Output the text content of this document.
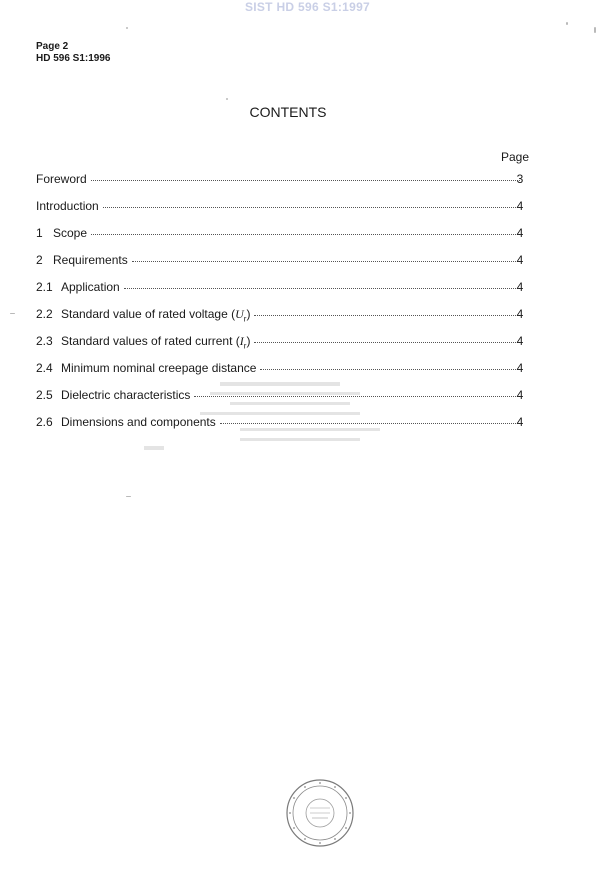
SIST HD 596 S1:1997
Page 2
HD 596 S1:1996
CONTENTS
Page
Foreword	3
Introduction	4
1 Scope	4
2 Requirements	4
2.1 Application	4
2.2 Standard value of rated voltage $(U_r)$	4
2.3 Standard values of rated current $(I_r)$	4
2.4 Minimum nominal creepage distance	4
2.5 Dielectric characteristics	4
2.6 Dimensions and components	4
